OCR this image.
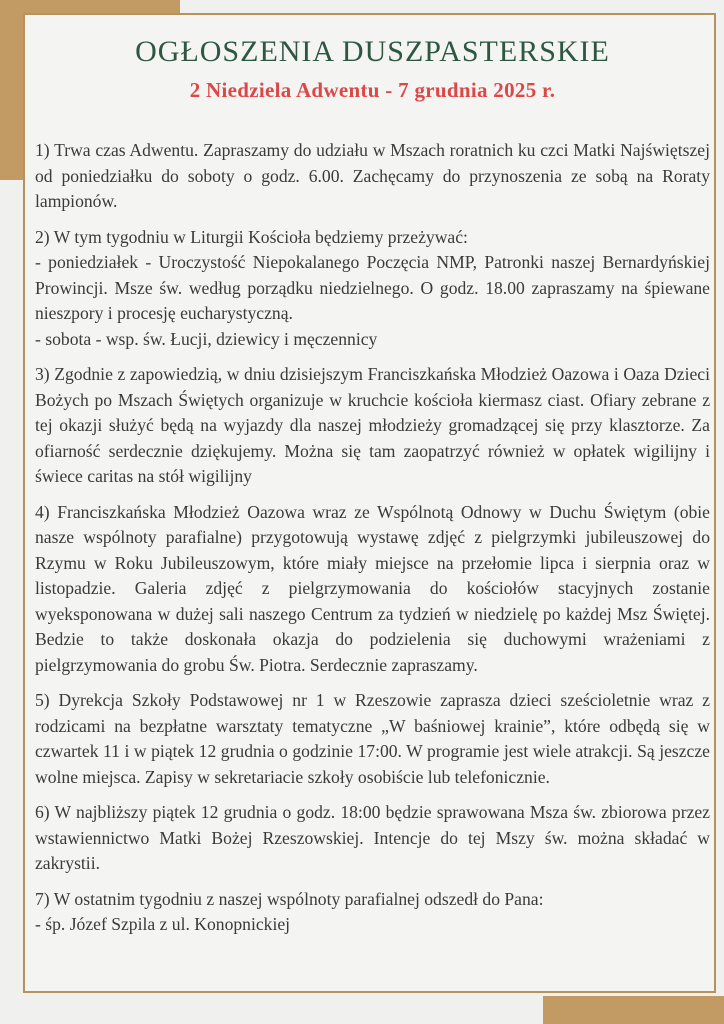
OGŁOSZENIA DUSZPASTERSKIE
2 Niedziela Adwentu - 7 grudnia 2025 r.
1) Trwa czas Adwentu. Zapraszamy do udziału w Mszach roratnich ku czci Matki Najświętszej od poniedziałku do soboty o godz. 6.00. Zachęcamy do przynoszenia ze sobą na Roraty lampionów.
2) W tym tygodniu w Liturgii Kościoła będziemy przeżywać:
- poniedziałek - Uroczystość Niepokalanego Poczęcia NMP, Patronki naszej Bernardyńskiej Prowincji. Msze św. według porządku niedzielnego. O godz. 18.00 zapraszamy na śpiewane nieszpory i procesję eucharystyczną.
- sobota - wsp. św. Łucji, dziewicy i męczennicy
3) Zgodnie z zapowiedzią, w dniu dzisiejszym Franciszkańska Młodzież Oazowa i Oaza Dzieci Bożych po Mszach Świętych organizuje w kruchcie kościoła kiermasz ciast. Ofiary zebrane z tej okazji służyć będą na wyjazdy dla naszej młodzieży gromadzącej się przy klasztorze. Za ofiarność serdecznie dziękujemy. Można się tam zaopatrzyć również w opłatek wigilijny i świece caritas na stół wigilijny
4) Franciszkańska Młodzież Oazowa wraz ze Wspólnotą Odnowy w Duchu Świętym (obie nasze wspólnoty parafialne) przygotowują wystawę zdjęć z pielgrzymki jubileuszowej do Rzymu w Roku Jubileuszowym, które miały miejsce na przełomie lipca i sierpnia oraz w listopadzie. Galeria zdjęć z pielgrzymowania do kościołów stacyjnych zostanie wyeksponowana w dużej sali naszego Centrum za tydzień w niedzielę po każdej Msz Świętej. Bedzie to także doskonała okazja do podzielenia się duchowymi wrażeniami z pielgrzymowania do grobu Św. Piotra. Serdecznie zapraszamy.
5) Dyrekcja Szkoły Podstawowej nr 1 w Rzeszowie zaprasza dzieci sześcioletnie wraz z rodzicami na bezpłatne warsztaty tematyczne „W baśniowej krainie”, które odbędą się w czwartek 11 i w piątek 12 grudnia o godzinie 17:00. W programie jest wiele atrakcji. Są jeszcze wolne miejsca. Zapisy w sekretariacie szkoły osobiście lub telefonicznie.
6) W najbliższy piątek 12 grudnia o godz. 18:00 będzie sprawowana Msza św. zbiorowa przez wstawiennictwo Matki Bożej Rzeszowskiej. Intencje do tej Mszy św. można składać w zakrystii.
7) W ostatnim tygodniu z naszej wspólnoty parafialnej odszedł do Pana:
- śp. Józef Szpila z ul. Konopnickiej
